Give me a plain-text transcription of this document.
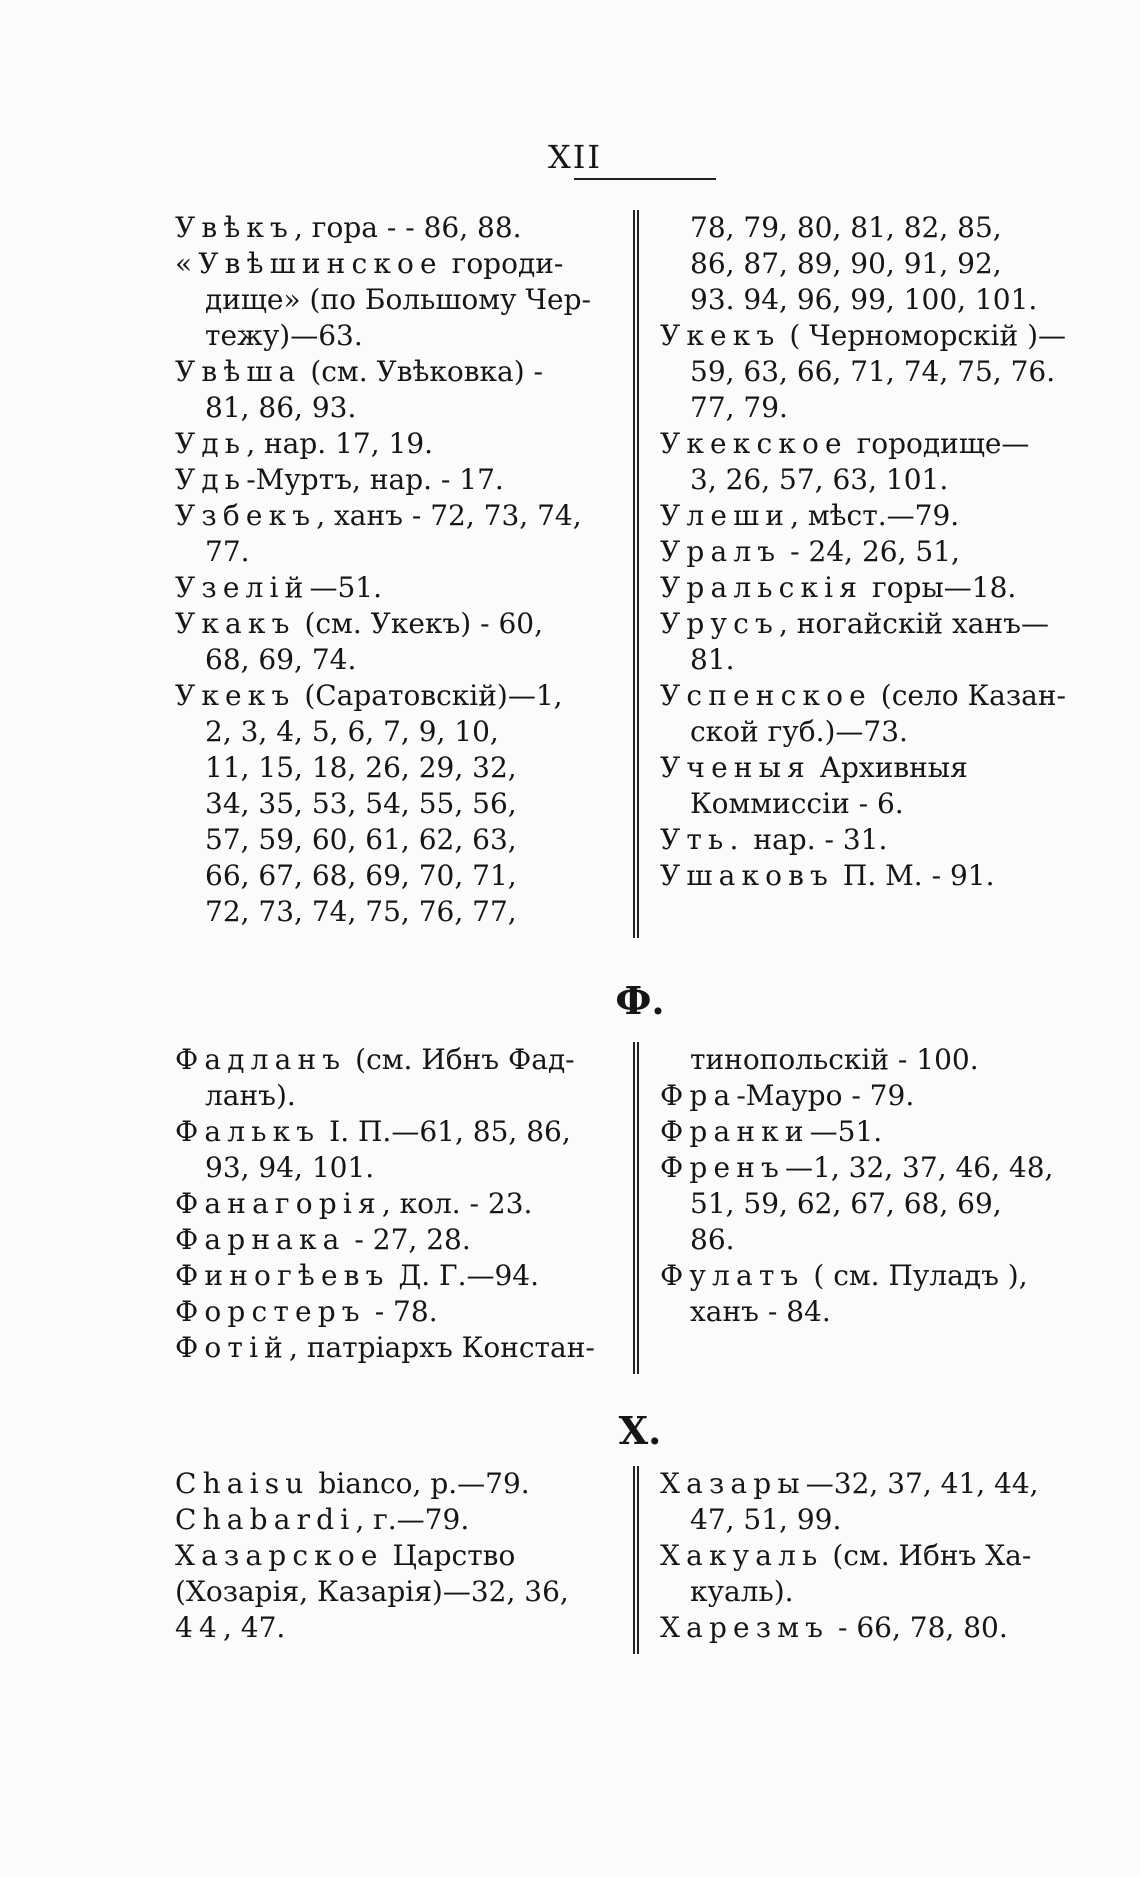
XII
Увѣкъ, гора - - 86, 88.
«Увѣшинское городи-
дище» (по Большому Чер-
тежу)—63.
Увѣша (см. Увѣковка) -
81, 86, 93.
Удь, нар. 17, 19.
Удь-Муртъ, нар. - 17.
Узбекъ, ханъ - 72, 73, 74,
77.
Узелій—51.
Укакъ (см. Укекъ) - 60,
68, 69, 74.
Укекъ (Саратовскій)—1,
2, 3, 4, 5, 6, 7, 9, 10,
11, 15, 18, 26, 29, 32,
34, 35, 53, 54, 55, 56,
57, 59, 60, 61, 62, 63,
66, 67, 68, 69, 70, 71,
72, 73, 74, 75, 76, 77,
78, 79, 80, 81, 82, 85,
86, 87, 89, 90, 91, 92,
93. 94, 96, 99, 100, 101.
Укекъ ( Черноморскій )—
59, 63, 66, 71, 74, 75, 76.
77, 79.
Укекское городище—
3, 26, 57, 63, 101.
Улеши, мѣст.—79.
Уралъ - 24, 26, 51,
Уральскія горы—18.
Урусъ, ногайскій ханъ—
81.
Успенское (село Казан-
ской губ.)—73.
Ученыя Архивныя
Коммиссіи - 6.
Уть. нар. - 31.
Ушаковъ П. М. - 91.
Ф.
Фадланъ (см. Ибнъ Фад-
ланъ).
Фалькъ І. П.—61, 85, 86,
93, 94, 101.
Фанагорія, кол. - 23.
Фарнака - 27, 28.
Финогѣевъ Д. Г.—94.
Форстеръ - 78.
Фотій, патріархъ Констан-
тинопольскій - 100.
Фра-Мауро - 79.
Франки—51.
Френъ—1, 32, 37, 46, 48,
51, 59, 62, 67, 68, 69,
86.
Фулатъ ( см. Пуладъ ),
ханъ - 84.
Х.
Chaisu bianco, р.—79.
Chabardi, г.—79.
Хазарское Царство
(Хозарія, Казарія)—32, 36,
44, 47.
Хазары—32, 37, 41, 44,
47, 51, 99.
Хакуаль (см. Ибнъ Ха-
куаль).
Харезмъ - 66, 78, 80.
